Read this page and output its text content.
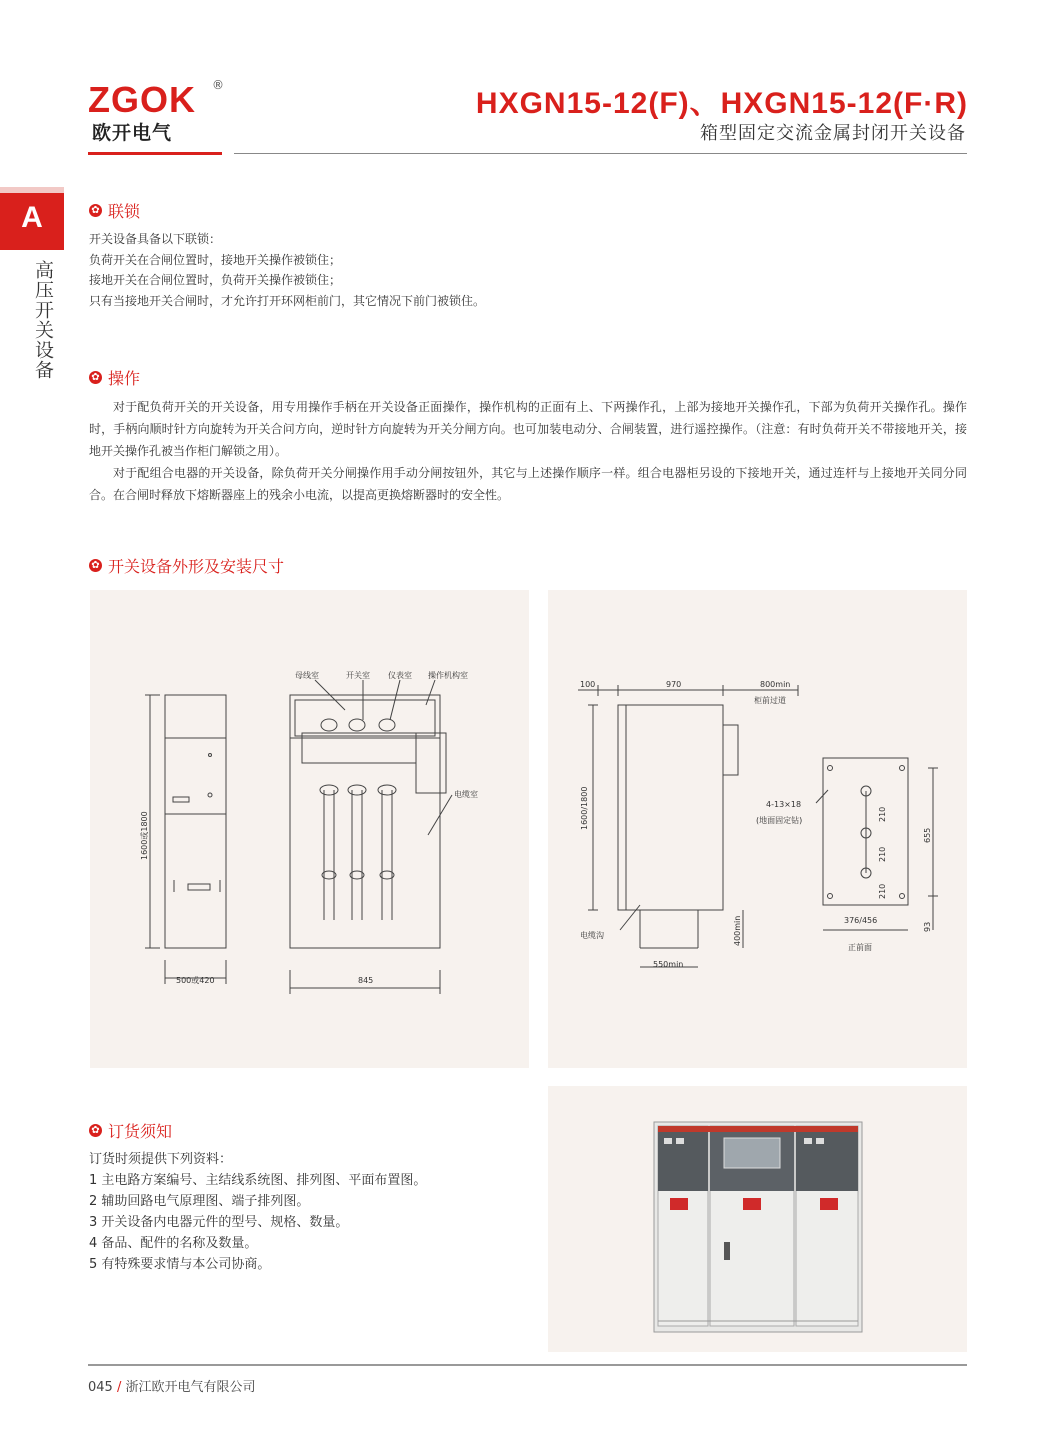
ZGOK ®
欧开电气
HXGN15-12(F)、HXGN15-12(F·R)
箱型固定交流金属封闭开关设备
A
高压开关设备
✿ 联锁
开关设备具备以下联锁：
负荷开关在合闸位置时，接地开关操作被锁住；
接地开关在合闸位置时，负荷开关操作被锁住；
只有当接地开关合闸时，才允许打开环网柜前门，其它情况下前门被锁住。
✿ 操作

对于配负荷开关的开关设备，用专用操作手柄在开关设备正面操作，操作机构的正面有上、下两操作孔，上部为接地开关操作孔，下部为负荷开关操作孔。操作时，手柄向顺时针方向旋转为开关合问方向，逆时针方向旋转为开关分闸方向。也可加装电动分、合闸装置，进行遥控操作。（注意：有时负荷开关不带接地开关，接地开关操作孔被当作柜门解锁之用）。

对于配组合电器的开关设备，除负荷开关分闸操作用手动分闸按钮外，其它与上述操作顺序一样。组合电器柜另设的下接地开关，通过连杆与上接地开关同分同合。在合闸时释放下熔断器座上的残余小电流，以提高更换熔断器时的安全性。

✿ 开关设备外形及安装尺寸
母线室	开关室 仪表室 操作机构室
电缆室
500或420	845
1600或1800
100	970	800min
柜前过道
电缆沟
550min
4-13×18
(地面固定钻)
376/456
正前面
1600/1800
400min
210
210
210
655
93
✿ 订货须知
订货时须提供下列资料：
1 主电路方案编号、主结线系统图、排列图、平面布置图。
2 辅助回路电气原理图、端子排列图。
3 开关设备内电器元件的型号、规格、数量。
4 备品、配件的名称及数量。
5 有特殊要求情与本公司协商。
045 / 浙江欧开电气有限公司
